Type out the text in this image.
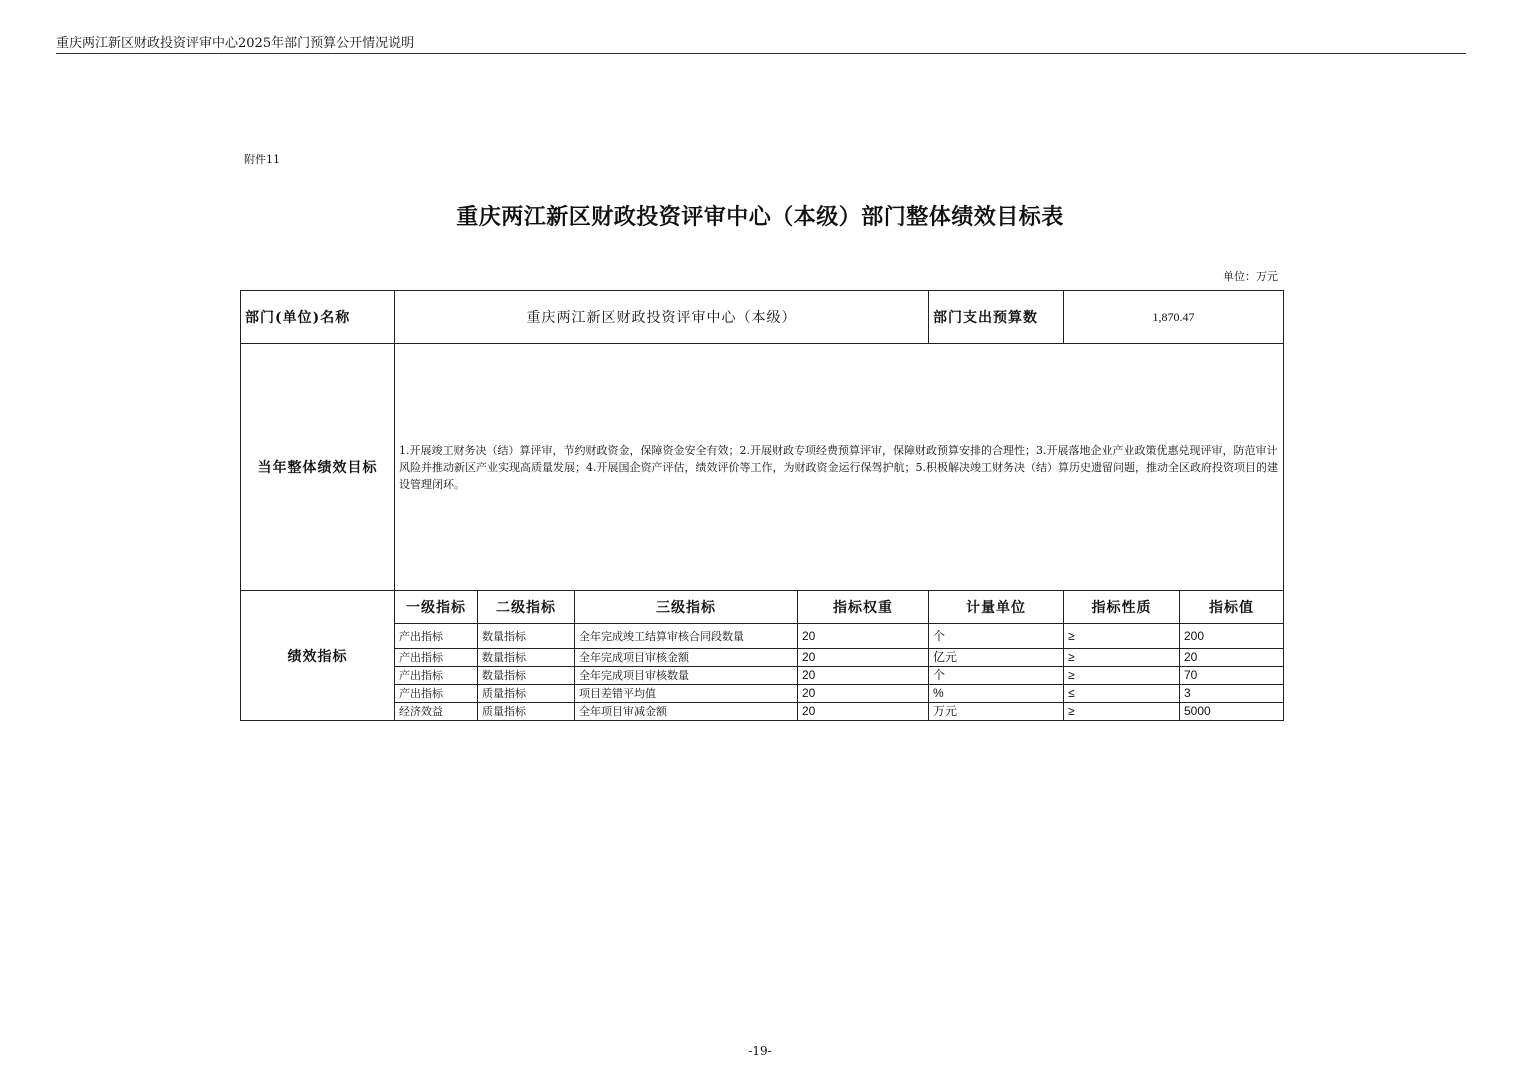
重庆两江新区财政投资评审中心2025年部门预算公开情况说明
附件11
重庆两江新区财政投资评审中心（本级）部门整体绩效目标表
单位：万元
部门(单位)名称	重庆两江新区财政投资评审中心（本级）				部门支出预算数	1,870.47	
当年整体绩效目标	1.开展竣工财务决（结）算评审，节约财政资金，保障资金安全有效；2.开展财政专项经费预算评审，保障财政预算安排的合理性；3.开展落地企业产业政策优惠兑现评审，防范审计风险并推动新区产业实现高质量发展；4.开展国企资产评估，绩效评价等工作，为财政资金运行保驾护航；5.积极解决竣工财务决（结）算历史遗留问题，推动全区政府投资项目的建设管理闭环。						
绩效指标	一级指标	二级指标	三级指标	指标权重	计量单位	指标性质	指标值
	产出指标	数量指标	全年完成竣工结算审核合同段数量	20	个	≥	200
	产出指标	数量指标	全年完成项目审核金额	20	亿元	≥	20
	产出指标	数量指标	全年完成项目审核数量	20	个	≥	70
	产出指标	质量指标	项目差错平均值	20	%	≤	3
	经济效益	质量指标	全年项目审减金额	20	万元	≥	5000
-19-
